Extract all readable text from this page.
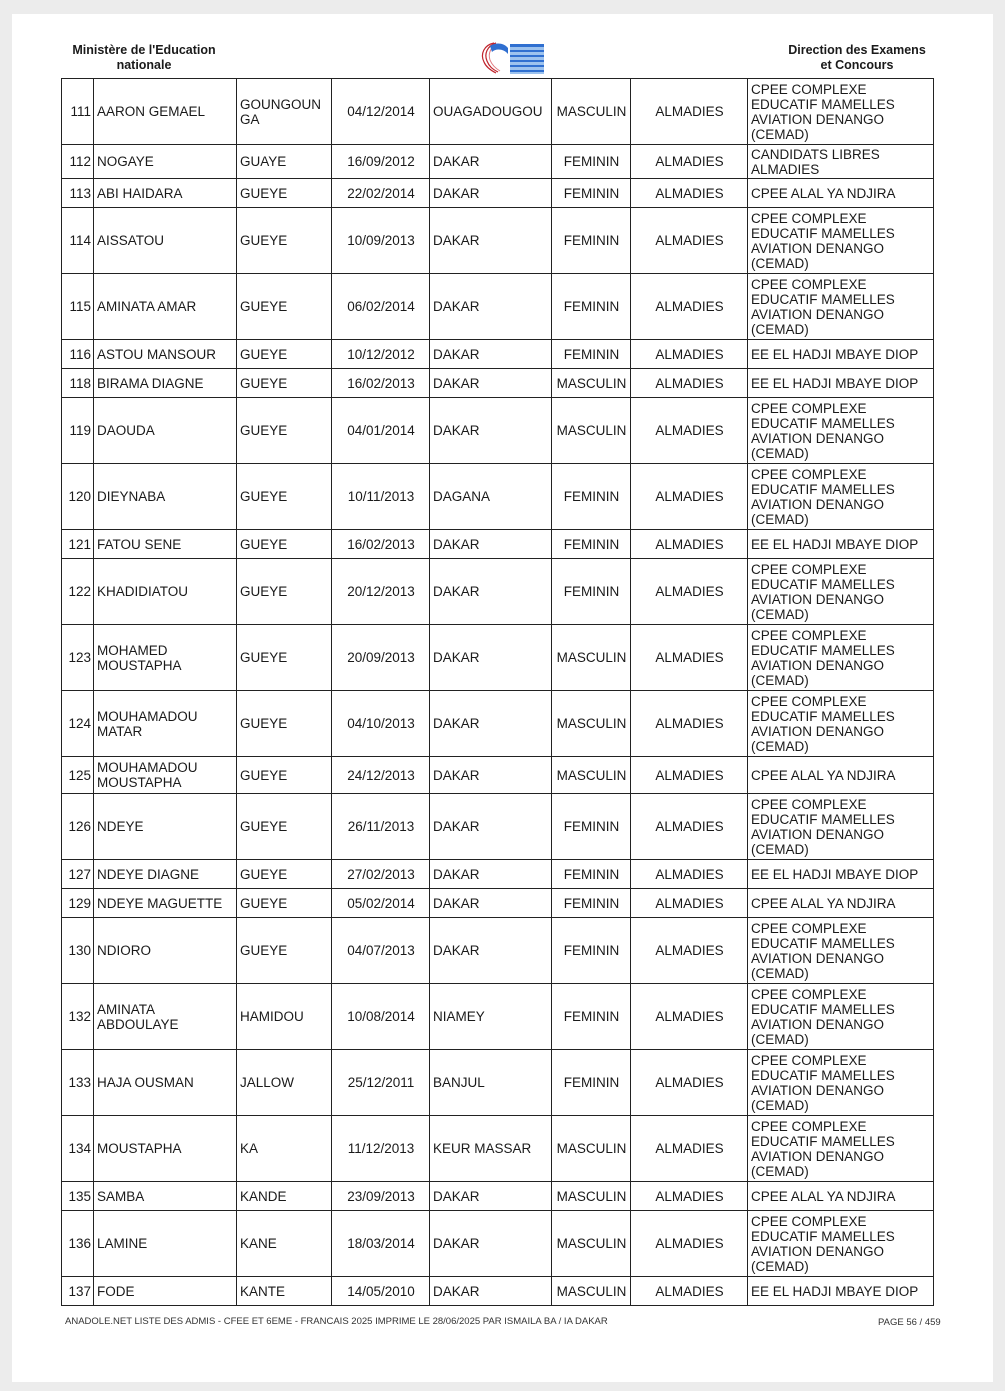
Ministère de l'Education
nationale
Direction des Examens
et Concours
111	AARON GEMAEL	GOUNGOUN GA	04/12/2014	OUAGADOUGOU	MASCULIN	ALMADIES	CPEE COMPLEXE EDUCATIF MAMELLES AVIATION DENANGO (CEMAD)
112	NOGAYE	GUAYE	16/09/2012	DAKAR	FEMININ	ALMADIES	CANDIDATS LIBRES ALMADIES
113	ABI HAIDARA	GUEYE	22/02/2014	DAKAR	FEMININ	ALMADIES	CPEE ALAL YA NDJIRA
114	AISSATOU	GUEYE	10/09/2013	DAKAR	FEMININ	ALMADIES	CPEE COMPLEXE EDUCATIF MAMELLES AVIATION DENANGO (CEMAD)
115	AMINATA AMAR	GUEYE	06/02/2014	DAKAR	FEMININ	ALMADIES	CPEE COMPLEXE EDUCATIF MAMELLES AVIATION DENANGO (CEMAD)
116	ASTOU MANSOUR	GUEYE	10/12/2012	DAKAR	FEMININ	ALMADIES	EE EL HADJI MBAYE DIOP
118	BIRAMA DIAGNE	GUEYE	16/02/2013	DAKAR	MASCULIN	ALMADIES	EE EL HADJI MBAYE DIOP
119	DAOUDA	GUEYE	04/01/2014	DAKAR	MASCULIN	ALMADIES	CPEE COMPLEXE EDUCATIF MAMELLES AVIATION DENANGO (CEMAD)
120	DIEYNABA	GUEYE	10/11/2013	DAGANA	FEMININ	ALMADIES	CPEE COMPLEXE EDUCATIF MAMELLES AVIATION DENANGO (CEMAD)
121	FATOU SENE	GUEYE	16/02/2013	DAKAR	FEMININ	ALMADIES	EE EL HADJI MBAYE DIOP
122	KHADIDIATOU	GUEYE	20/12/2013	DAKAR	FEMININ	ALMADIES	CPEE COMPLEXE EDUCATIF MAMELLES AVIATION DENANGO (CEMAD)
123	MOHAMED MOUSTAPHA	GUEYE	20/09/2013	DAKAR	MASCULIN	ALMADIES	CPEE COMPLEXE EDUCATIF MAMELLES AVIATION DENANGO (CEMAD)
124	MOUHAMADOU MATAR	GUEYE	04/10/2013	DAKAR	MASCULIN	ALMADIES	CPEE COMPLEXE EDUCATIF MAMELLES AVIATION DENANGO (CEMAD)
125	MOUHAMADOU MOUSTAPHA	GUEYE	24/12/2013	DAKAR	MASCULIN	ALMADIES	CPEE ALAL YA NDJIRA
126	NDEYE	GUEYE	26/11/2013	DAKAR	FEMININ	ALMADIES	CPEE COMPLEXE EDUCATIF MAMELLES AVIATION DENANGO (CEMAD)
127	NDEYE DIAGNE	GUEYE	27/02/2013	DAKAR	FEMININ	ALMADIES	EE EL HADJI MBAYE DIOP
129	NDEYE MAGUETTE	GUEYE	05/02/2014	DAKAR	FEMININ	ALMADIES	CPEE ALAL YA NDJIRA
130	NDIORO	GUEYE	04/07/2013	DAKAR	FEMININ	ALMADIES	CPEE COMPLEXE EDUCATIF MAMELLES AVIATION DENANGO (CEMAD)
132	AMINATA ABDOULAYE	HAMIDOU	10/08/2014	NIAMEY	FEMININ	ALMADIES	CPEE COMPLEXE EDUCATIF MAMELLES AVIATION DENANGO (CEMAD)
133	HAJA OUSMAN	JALLOW	25/12/2011	BANJUL	FEMININ	ALMADIES	CPEE COMPLEXE EDUCATIF MAMELLES AVIATION DENANGO (CEMAD)
134	MOUSTAPHA	KA	11/12/2013	KEUR MASSAR	MASCULIN	ALMADIES	CPEE COMPLEXE EDUCATIF MAMELLES AVIATION DENANGO (CEMAD)
135	SAMBA	KANDE	23/09/2013	DAKAR	MASCULIN	ALMADIES	CPEE ALAL YA NDJIRA
136	LAMINE	KANE	18/03/2014	DAKAR	MASCULIN	ALMADIES	CPEE COMPLEXE EDUCATIF MAMELLES AVIATION DENANGO (CEMAD)
137	FODE	KANTE	14/05/2010	DAKAR	MASCULIN	ALMADIES	EE EL HADJI MBAYE DIOP
ANADOLE.NET LISTE DES ADMIS - CFEE ET 6EME - FRANCAIS 2025 IMPRIME LE 28/06/2025 PAR ISMAILA BA / IA DAKAR	PAGE 56 / 459
